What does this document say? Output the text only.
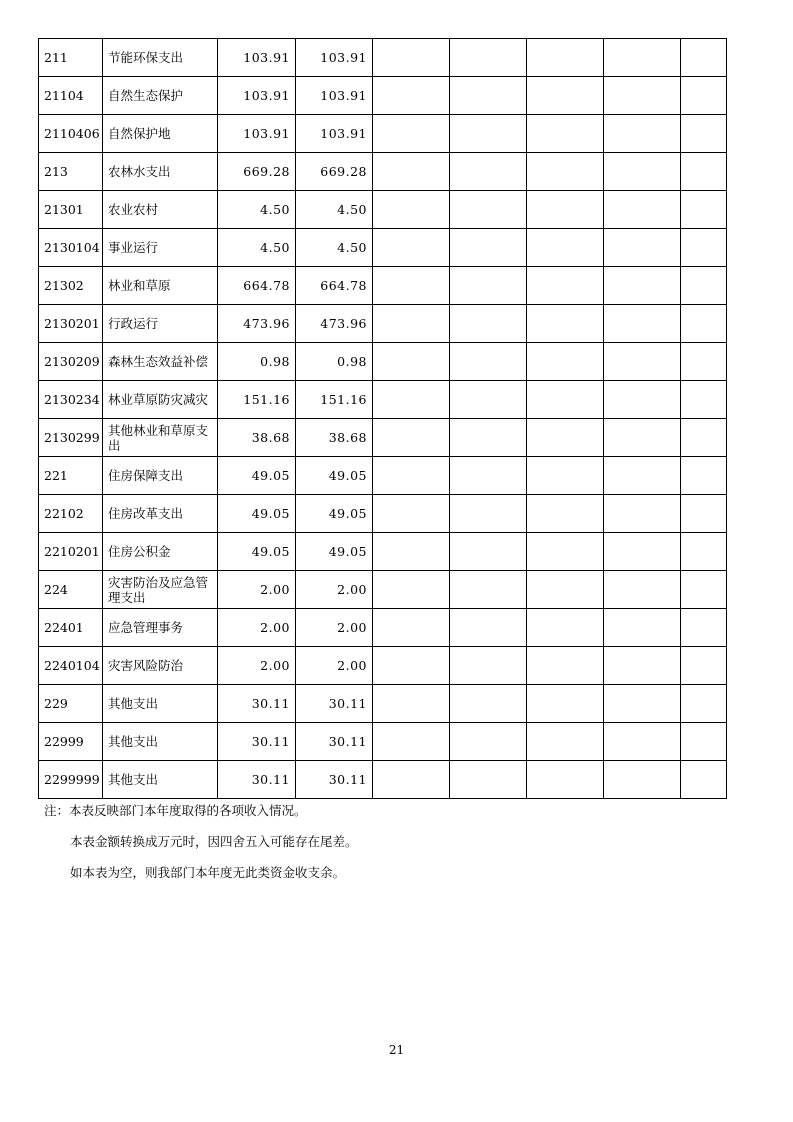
211	节能环保支出	103.91	103.91					
21104	自然生态保护	103.91	103.91					
2110406	自然保护地	103.91	103.91					
213	农林水支出	669.28	669.28					
21301	农业农村	4.50	4.50					
2130104	事业运行	4.50	4.50					
21302	林业和草原	664.78	664.78					
2130201	行政运行	473.96	473.96					
2130209	森林生态效益补偿	0.98	0.98					
2130234	林业草原防灾减灾	151.16	151.16					
2130299	其他林业和草原支出	38.68	38.68					
221	住房保障支出	49.05	49.05					
22102	住房改革支出	49.05	49.05					
2210201	住房公积金	49.05	49.05					
224	灾害防治及应急管理支出	2.00	2.00					
22401	应急管理事务	2.00	2.00					
2240104	灾害风险防治	2.00	2.00					
229	其他支出	30.11	30.11					
22999	其他支出	30.11	30.11					
2299999	其他支出	30.11	30.11					

注：本表反映部门本年度取得的各项收入情况。

本表金额转换成万元时，因四舍五入可能存在尾差。

如本表为空，则我部门本年度无此类资金收支余。

21
